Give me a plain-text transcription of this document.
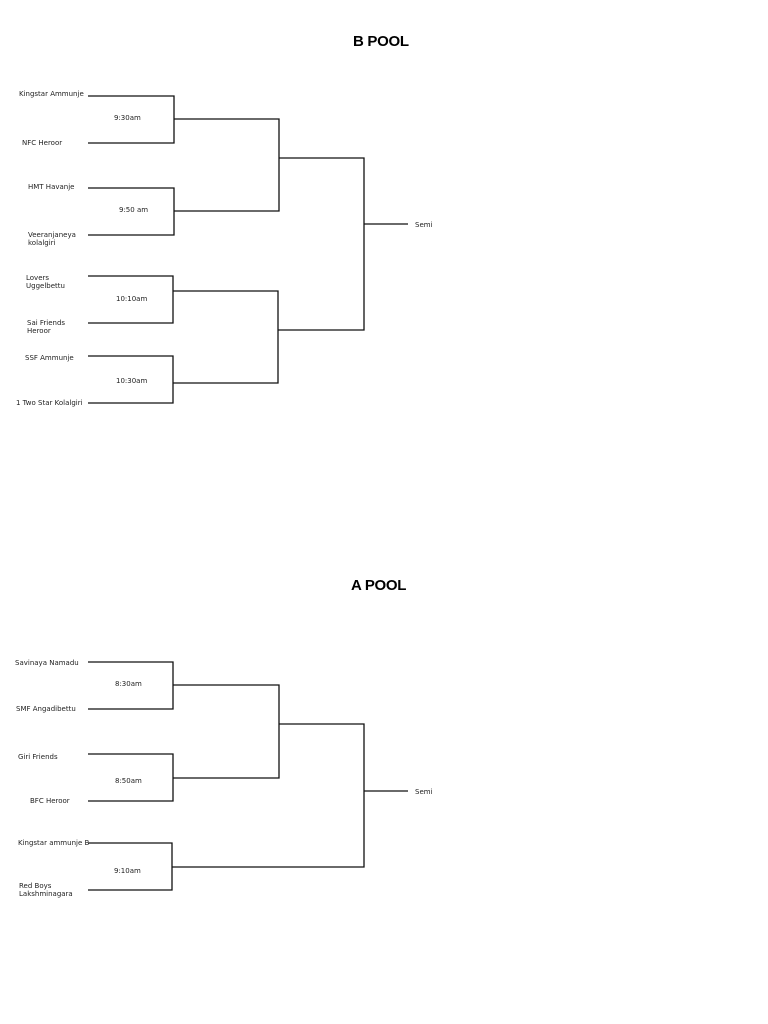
B POOL
Kingstar Ammunje
NFC Heroor
HMT Havanje
Veeranjaneya
kolalgiri
Lovers
Uggelbettu
Sai Friends
Heroor
SSF Ammunje
1 Two Star Kolalgiri
9:30am
9:50 am
10:10am
10:30am
Semi
A POOL
Savinaya Namadu
SMF Angadibettu
Giri Friends
BFC Heroor
Kingstar ammunje B
Red Boys
Lakshminagara
8:30am
8:50am
9:10am
Semi
